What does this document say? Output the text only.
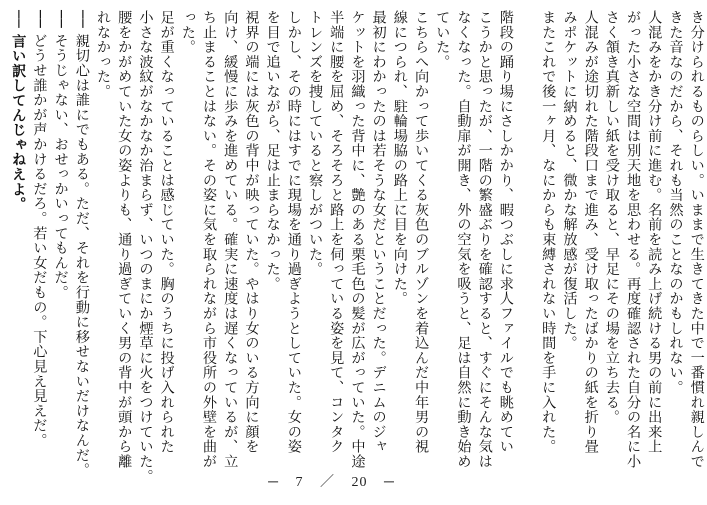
き分けられるものらしい。いままで生きてきた中で一番慣れ親しんで

きた音なのだから、それも当然のことなのかもしれない。

人混みをかき分け前に進む。名前を読み上げ続ける男の前に出来上

がった小さな空間は別天地を思わせる。再度確認された自分の名に小

さく頷き真新しい紙を受け取ると、早足にその場を立ち去る。

人混みが途切れた階段口まで進み、受け取ったばかりの紙を折り畳

みポケットに納めると、微かな解放感が復活した。

またこれで後一ヶ月、なにからも束縛されない時間を手に入れた。

階段の踊り場にさしかかり、暇つぶしに求人ファイルでも眺めてい

こうかと思ったが、一階の繁盛ぶりを確認すると、すぐにそんな気は

なくなった。自動扉が開き、外の空気を吸うと、足は自然に動き始め

ていた。

こちらへ向かって歩いてくる灰色のブルゾンを着込んだ中年男の視

線につられ、駐輪場脇の路上に目を向けた。

最初にわかったのは若そうな女だということだった。デニムのジャ

ケットを羽織った背中に、艶のある栗毛色の髪が広がっていた。中途

半端に腰を屈め、そろそろと路上を伺っている姿を見て、コンタク

トレンズを捜していると察しがついた。

しかし、その時にはすでに現場を通り過ぎようとしていた。女の姿

を目で追いながら、足は止まらなかった。

視界の端には灰色の背中が映っていた。やはり女のいる方向に顔を

向け、緩慢に歩みを進めている。確実に速度は遅くなっているが、立

ち止まることはない。その姿に気を取られながら市役所の外壁を曲が

った。

足が重くなっていることは感じていた。胸のうちに投げ入れられた

小さな波紋がなかなか治まらず、いつのまにか煙草に火をつけていた。

腰をかがめていた女の姿よりも、通り過ぎていく男の背中が頭から離

れなかった。

── 親切心は誰にでもある。ただ、それを行動に移せないだけなんだ。

── そうじゃない、おせっかいってもんだ。

── どうせ誰かが声かけるだろ。若い女だもの。下心見え見えだ。

── 言い訳してんじゃねえよ。

─ 7 ／ 20 ─
